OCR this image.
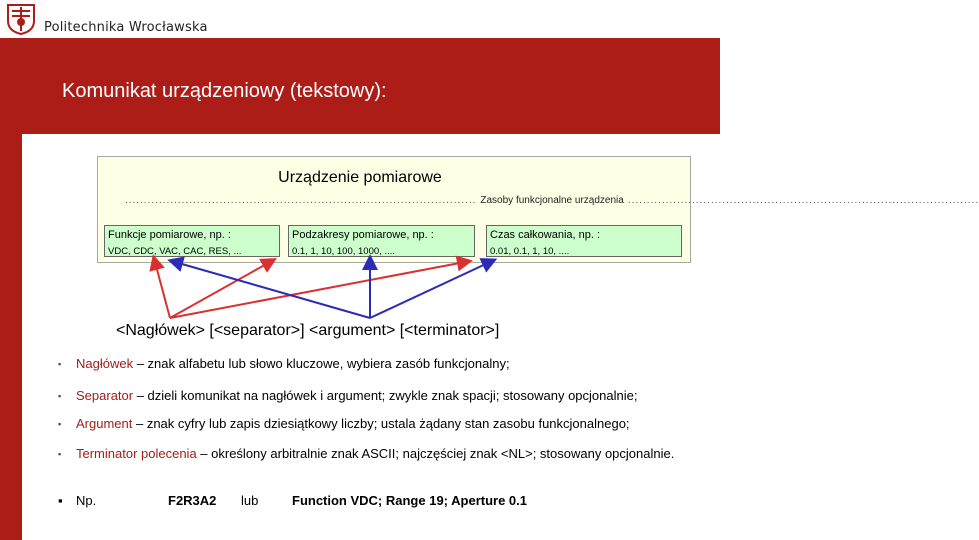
Politechnika Wrocławska
Komunikat urządzeniowy (tekstowy):
Urządzenie pomiarowe
............................................................................................. Zasoby funkcjonalne urządzenia .............................................................................................
Funkcje pomiarowe, np. :
VDC, CDC, VAC, CAC, RES, ...
Podzakresy pomiarowe, np. :
0.1, 1, 10, 100, 1000, ....
Czas całkowania, np. :
0.01, 0.1, 1, 10, ....
<Nagłówek> [<separator>] <argument> [<terminator>]
▪ Nagłówek – znak alfabetu lub słowo kluczowe, wybiera zasób funkcjonalny;
▪ Separator – dzieli komunikat na nagłówek i argument; zwykle znak spacji; stosowany opcjonalnie;
▪ Argument – znak cyfry lub zapis dziesiątkowy liczby; ustala żądany stan zasobu funkcjonalnego;
▪ Terminator polecenia – określony arbitralnie znak ASCII; najczęściej znak <NL>; stosowany opcjonalnie.
▪ Np.	F2R3A2 lub	Function VDC; Range 19; Aperture 0.1
